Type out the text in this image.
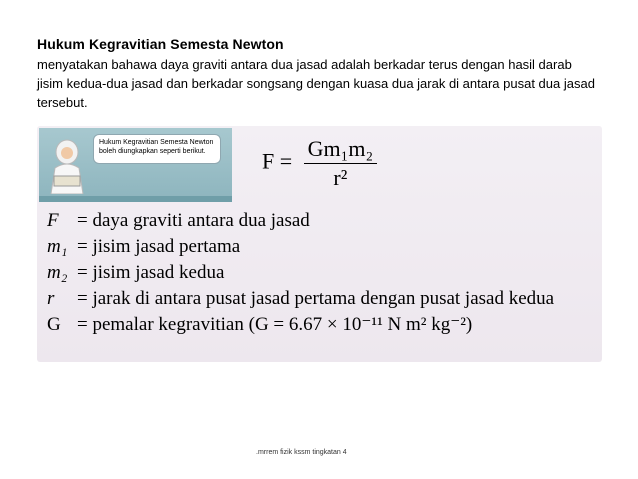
Hukum Kegravitian Semesta Newton
menyatakan bahawa daya graviti antara dua jasad adalah berkadar terus dengan hasil darab jisim kedua-dua jasad dan berkadar songsang dengan kuasa dua jarak di antara pusat dua jasad tersebut.
Hukum Kegravitian Semesta Newton
boleh diungkapkan seperti berikut.	$F = \frac{\text{Gm₁m₂}}{\text{r²}}$
F = daya graviti antara dua jasad
m₁ = jisim jasad pertama
m₂ = jisim jasad kedua
r = jarak di antara pusat jasad pertama dengan pusat jasad kedua
G = pemalar kegravitian (G = 6.67 × 10⁻¹¹ N m² kg⁻²)
.mrrem fizik kssm tingkatan 4
